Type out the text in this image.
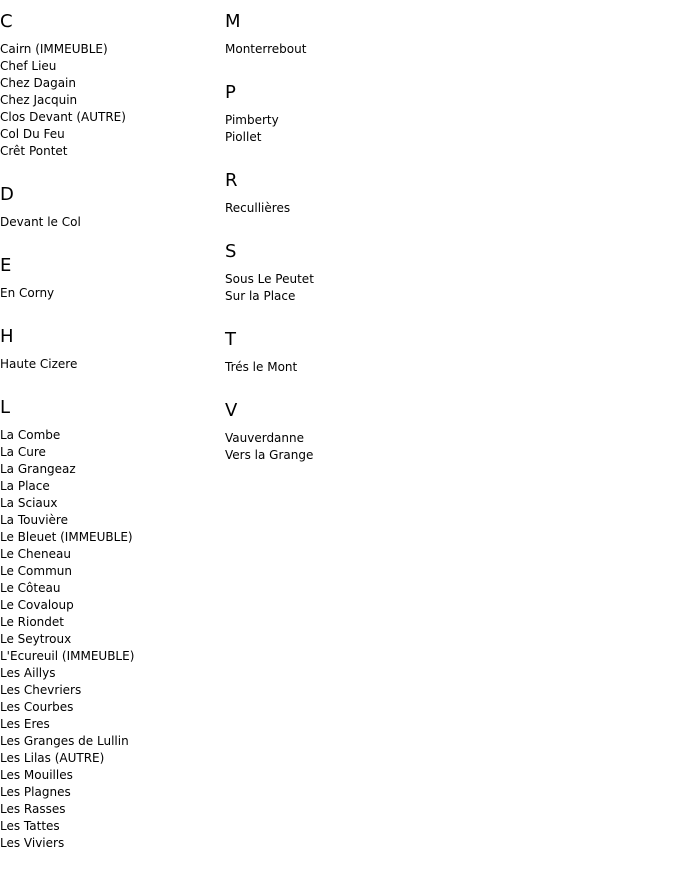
C
Cairn (IMMEUBLE)
Chef Lieu
Chez Dagain
Chez Jacquin
Clos Devant (AUTRE)
Col Du Feu
Crêt Pontet
D
Devant le Col
E
En Corny
H
Haute Cizere
L
La Combe
La Cure
La Grangeaz
La Place
La Sciaux
La Touvière
Le Bleuet (IMMEUBLE)
Le Cheneau
Le Commun
Le Côteau
Le Covaloup
Le Riondet
Le Seytroux
L'Ecureuil (IMMEUBLE)
Les Aillys
Les Chevriers
Les Courbes
Les Eres
Les Granges de Lullin
Les Lilas (AUTRE)
Les Mouilles
Les Plagnes
Les Rasses
Les Tattes
Les Viviers
M
Monterrebout
P
Pimberty
Piollet
R
Recullières
S
Sous Le Peutet
Sur la Place
T
Trés le Mont
V
Vauverdanne
Vers la Grange
